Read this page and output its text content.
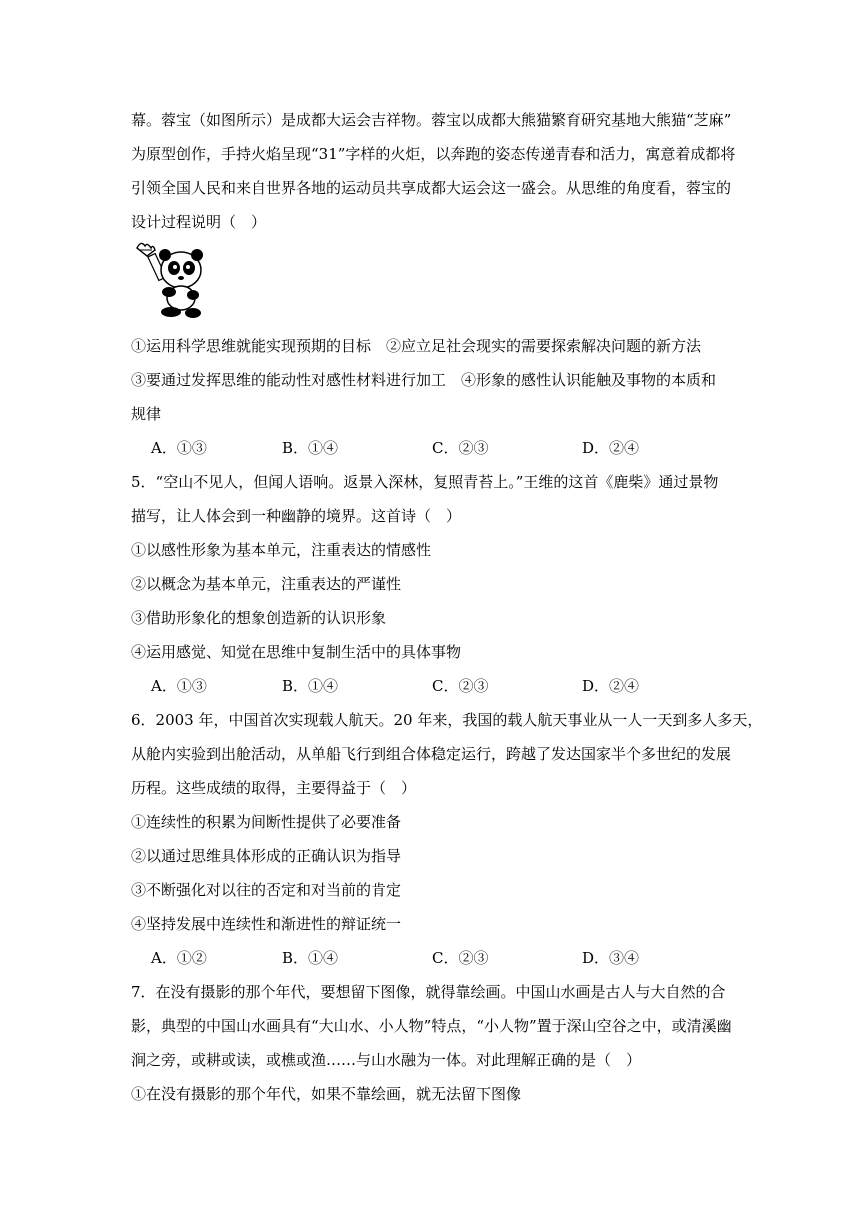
幕。蓉宝（如图所示）是成都大运会吉祥物。蓉宝以成都大熊猫繁育研究基地大熊猫“芝麻”
为原型创作，手持火焰呈现“31”字样的火炬，以奔跑的姿态传递青春和活力，寓意着成都将
引领全国人民和来自世界各地的运动员共享成都大运会这一盛会。从思维的角度看，蓉宝的
设计过程说明（　）
①运用科学思维就能实现预期的目标　②应立足社会现实的需要探索解决问题的新方法
③要通过发挥思维的能动性对感性材料进行加工　④形象的感性认识能触及事物的本质和
规律
A．①③	B．①④	C．②③	D．②④
5．“空山不见人，但闻人语响。返景入深林，复照青苔上。”王维的这首《鹿柴》通过景物
描写，让人体会到一种幽静的境界。这首诗（　）
①以感性形象为基本单元，注重表达的情感性
②以概念为基本单元，注重表达的严谨性
③借助形象化的想象创造新的认识形象
④运用感觉、知觉在思维中复制生活中的具体事物
A．①③	B．①④	C．②③	D．②④
6．2003 年，中国首次实现载人航天。20 年来，我国的载人航天事业从一人一天到多人多天，
从舱内实验到出舱活动，从单船飞行到组合体稳定运行，跨越了发达国家半个多世纪的发展
历程。这些成绩的取得，主要得益于（　）
①连续性的积累为间断性提供了必要准备
②以通过思维具体形成的正确认识为指导
③不断强化对以往的否定和对当前的肯定
④坚持发展中连续性和渐进性的辩证统一
A．①②	B．①④	C．②③	D．③④
7．在没有摄影的那个年代，要想留下图像，就得靠绘画。中国山水画是古人与大自然的合
影，典型的中国山水画具有“大山水、小人物”特点，“小人物”置于深山空谷之中，或清溪幽
涧之旁，或耕或读，或樵或渔……与山水融为一体。对此理解正确的是（　）
①在没有摄影的那个年代，如果不靠绘画，就无法留下图像
